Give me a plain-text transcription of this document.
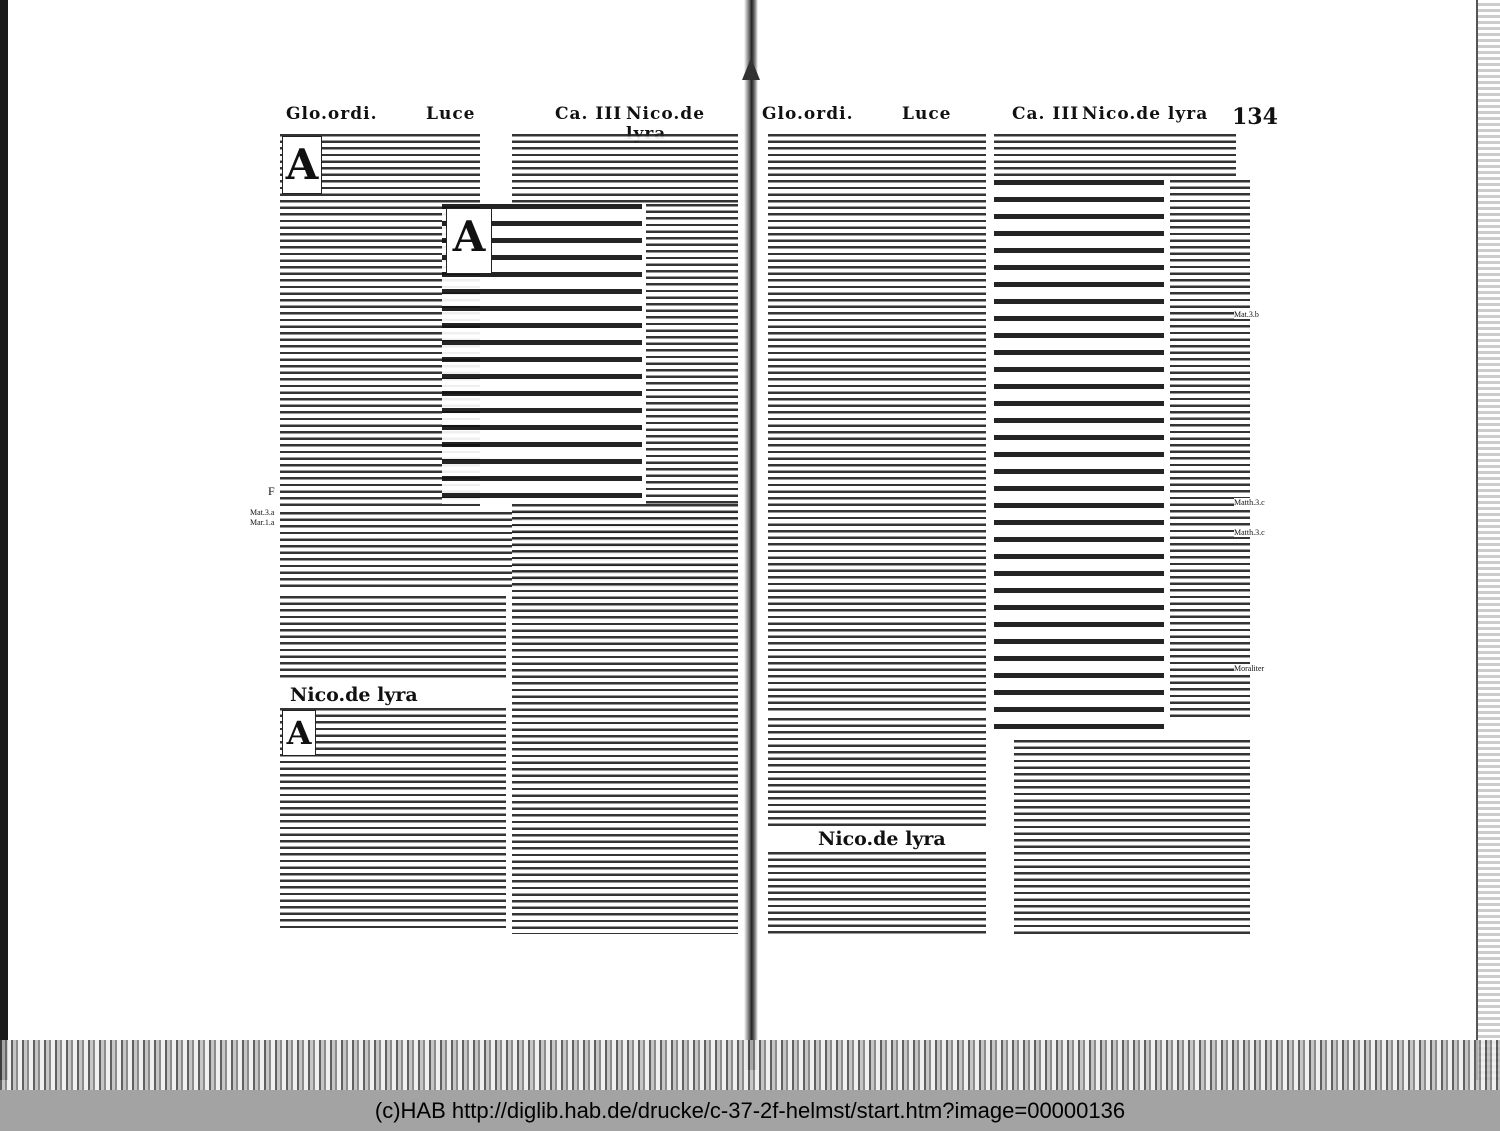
Glo.ordi.	Luce	Ca. III Nico.de
A
A
Nico.de lyra
A
Mat.3.a
Mar.1.a
F
Glo.ordi.	Luce	Ca. III Nico.de lyra 134
Nico.de lyra
Mat.3.b
Matth.3.c
Matth.3.c
Moraliter
(c)HAB http://diglib.hab.de/drucke/c-37-2f-helmst/start.htm?image=00000136
